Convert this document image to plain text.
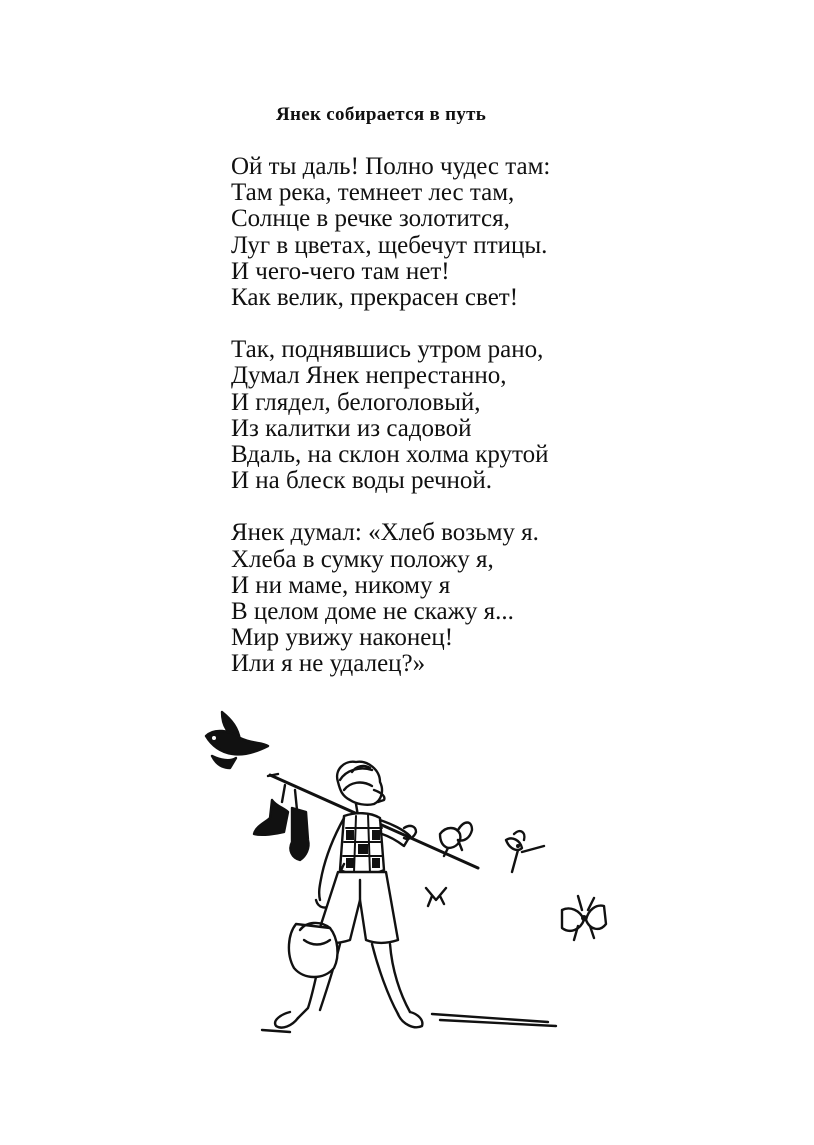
Янек собирается в путь
Ой ты даль! Полно чудес там:
Там река, темнеет лес там,
Солнце в речке золотится,
Луг в цветах, щебечут птицы.
И чего-чего там нет!
Как велик, прекрасен свет!
Так, поднявшись утром рано,
Думал Янек непрестанно,
И глядел, белоголовый,
Из калитки из садовой
Вдаль, на склон холма крутой
И на блеск воды речной.
Янек думал: «Хлеб возьму я.
Хлеба в сумку положу я,
И ни маме, никому я
В целом доме не скажу я...
Мир увижу наконец!
Или я не удалец?»
